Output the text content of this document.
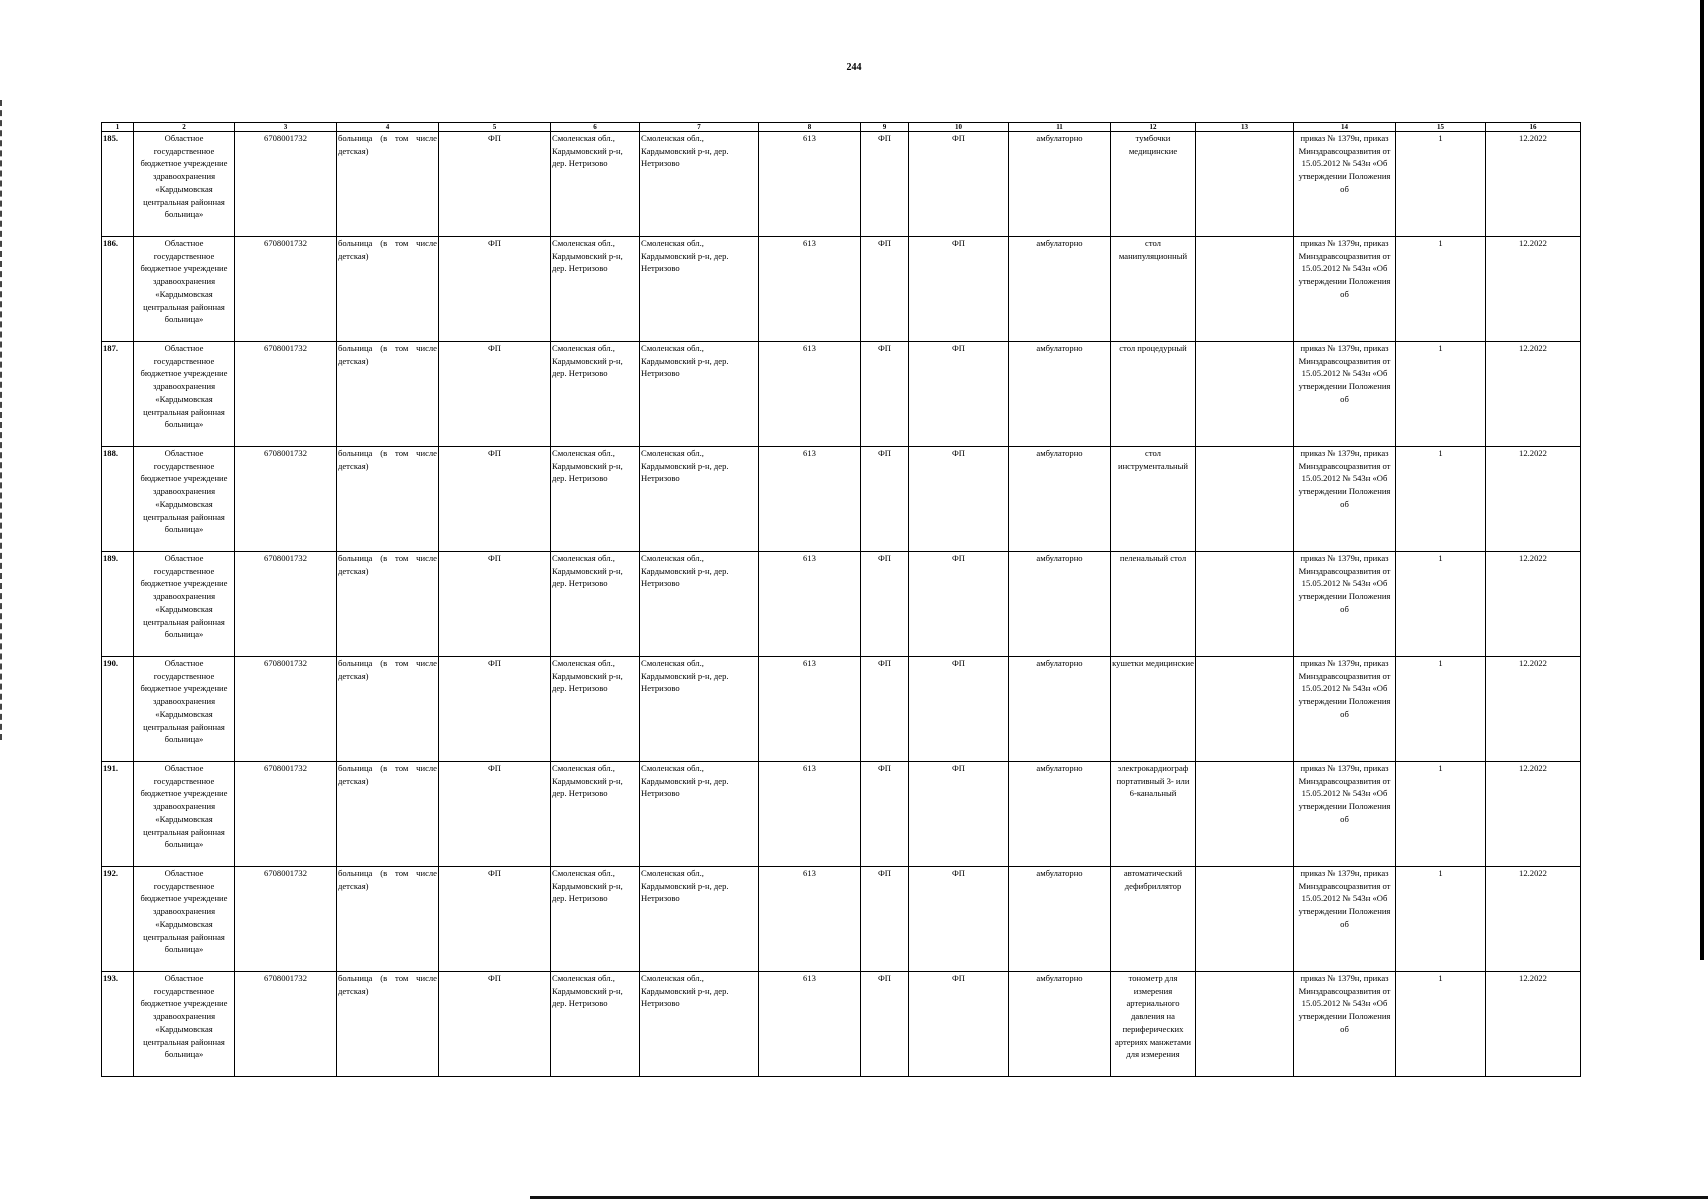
244
1	2	3	4	5	6	7	8	9	10	11	12	13	14	15	16
185.	Областное государственное бюджетное учреждение здравоохранения «Кардымовская центральная районная больница»	6708001732	больница (в том числе детская)	ФП	Смоленская обл., Кардымовский р-н, дер. Нетризово	Смоленская обл., Кардымовский р-н, дер. Нетризово	613	ФП	ФП	амбулаторно	тумбочки медицинские		приказ № 1379н, приказ Минздравсоцразвития от 15.05.2012 № 543н «Об утверждении Положения об	1	12.2022
186.	Областное государственное бюджетное учреждение здравоохранения «Кардымовская центральная районная больница»	6708001732	больница (в том числе детская)	ФП	Смоленская обл., Кардымовский р-н, дер. Нетризово	Смоленская обл., Кардымовский р-н, дер. Нетризово	613	ФП	ФП	амбулаторно	стол манипуляционный		приказ № 1379н, приказ Минздравсоцразвития от 15.05.2012 № 543н «Об утверждении Положения об	1	12.2022
187.	Областное государственное бюджетное учреждение здравоохранения «Кардымовская центральная районная больница»	6708001732	больница (в том числе детская)	ФП	Смоленская обл., Кардымовский р-н, дер. Нетризово	Смоленская обл., Кардымовский р-н, дер. Нетризово	613	ФП	ФП	амбулаторно	стол процедурный		приказ № 1379н, приказ Минздравсоцразвития от 15.05.2012 № 543н «Об утверждении Положения об	1	12.2022
188.	Областное государственное бюджетное учреждение здравоохранения «Кардымовская центральная районная больница»	6708001732	больница (в том числе детская)	ФП	Смоленская обл., Кардымовский р-н, дер. Нетризово	Смоленская обл., Кардымовский р-н, дер. Нетризово	613	ФП	ФП	амбулаторно	стол инструментальный		приказ № 1379н, приказ Минздравсоцразвития от 15.05.2012 № 543н «Об утверждении Положения об	1	12.2022
189.	Областное государственное бюджетное учреждение здравоохранения «Кардымовская центральная районная больница»	6708001732	больница (в том числе детская)	ФП	Смоленская обл., Кардымовский р-н, дер. Нетризово	Смоленская обл., Кардымовский р-н, дер. Нетризово	613	ФП	ФП	амбулаторно	пеленальный стол		приказ № 1379н, приказ Минздравсоцразвития от 15.05.2012 № 543н «Об утверждении Положения об	1	12.2022
190.	Областное государственное бюджетное учреждение здравоохранения «Кардымовская центральная районная больница»	6708001732	больница (в том числе детская)	ФП	Смоленская обл., Кардымовский р-н, дер. Нетризово	Смоленская обл., Кардымовский р-н, дер. Нетризово	613	ФП	ФП	амбулаторно	кушетки медицинские		приказ № 1379н, приказ Минздравсоцразвития от 15.05.2012 № 543н «Об утверждении Положения об	1	12.2022
191.	Областное государственное бюджетное учреждение здравоохранения «Кардымовская центральная районная больница»	6708001732	больница (в том числе детская)	ФП	Смоленская обл., Кардымовский р-н, дер. Нетризово	Смоленская обл., Кардымовский р-н, дер. Нетризово	613	ФП	ФП	амбулаторно	электрокардиограф портативный 3- или 6-канальный		приказ № 1379н, приказ Минздравсоцразвития от 15.05.2012 № 543н «Об утверждении Положения об	1	12.2022
192.	Областное государственное бюджетное учреждение здравоохранения «Кардымовская центральная районная больница»	6708001732	больница (в том числе детская)	ФП	Смоленская обл., Кардымовский р-н, дер. Нетризово	Смоленская обл., Кардымовский р-н, дер. Нетризово	613	ФП	ФП	амбулаторно	автоматический дефибриллятор		приказ № 1379н, приказ Минздравсоцразвития от 15.05.2012 № 543н «Об утверждении Положения об	1	12.2022
193.	Областное государственное бюджетное учреждение здравоохранения «Кардымовская центральная районная больница»	6708001732	больница (в том числе детская)	ФП	Смоленская обл., Кардымовский р-н, дер. Нетризово	Смоленская обл., Кардымовский р-н, дер. Нетризово	613	ФП	ФП	амбулаторно	тонометр для измерения артериального давления на периферических артериях манжетами для измерения		приказ № 1379н, приказ Минздравсоцразвития от 15.05.2012 № 543н «Об утверждении Положения об	1	12.2022
